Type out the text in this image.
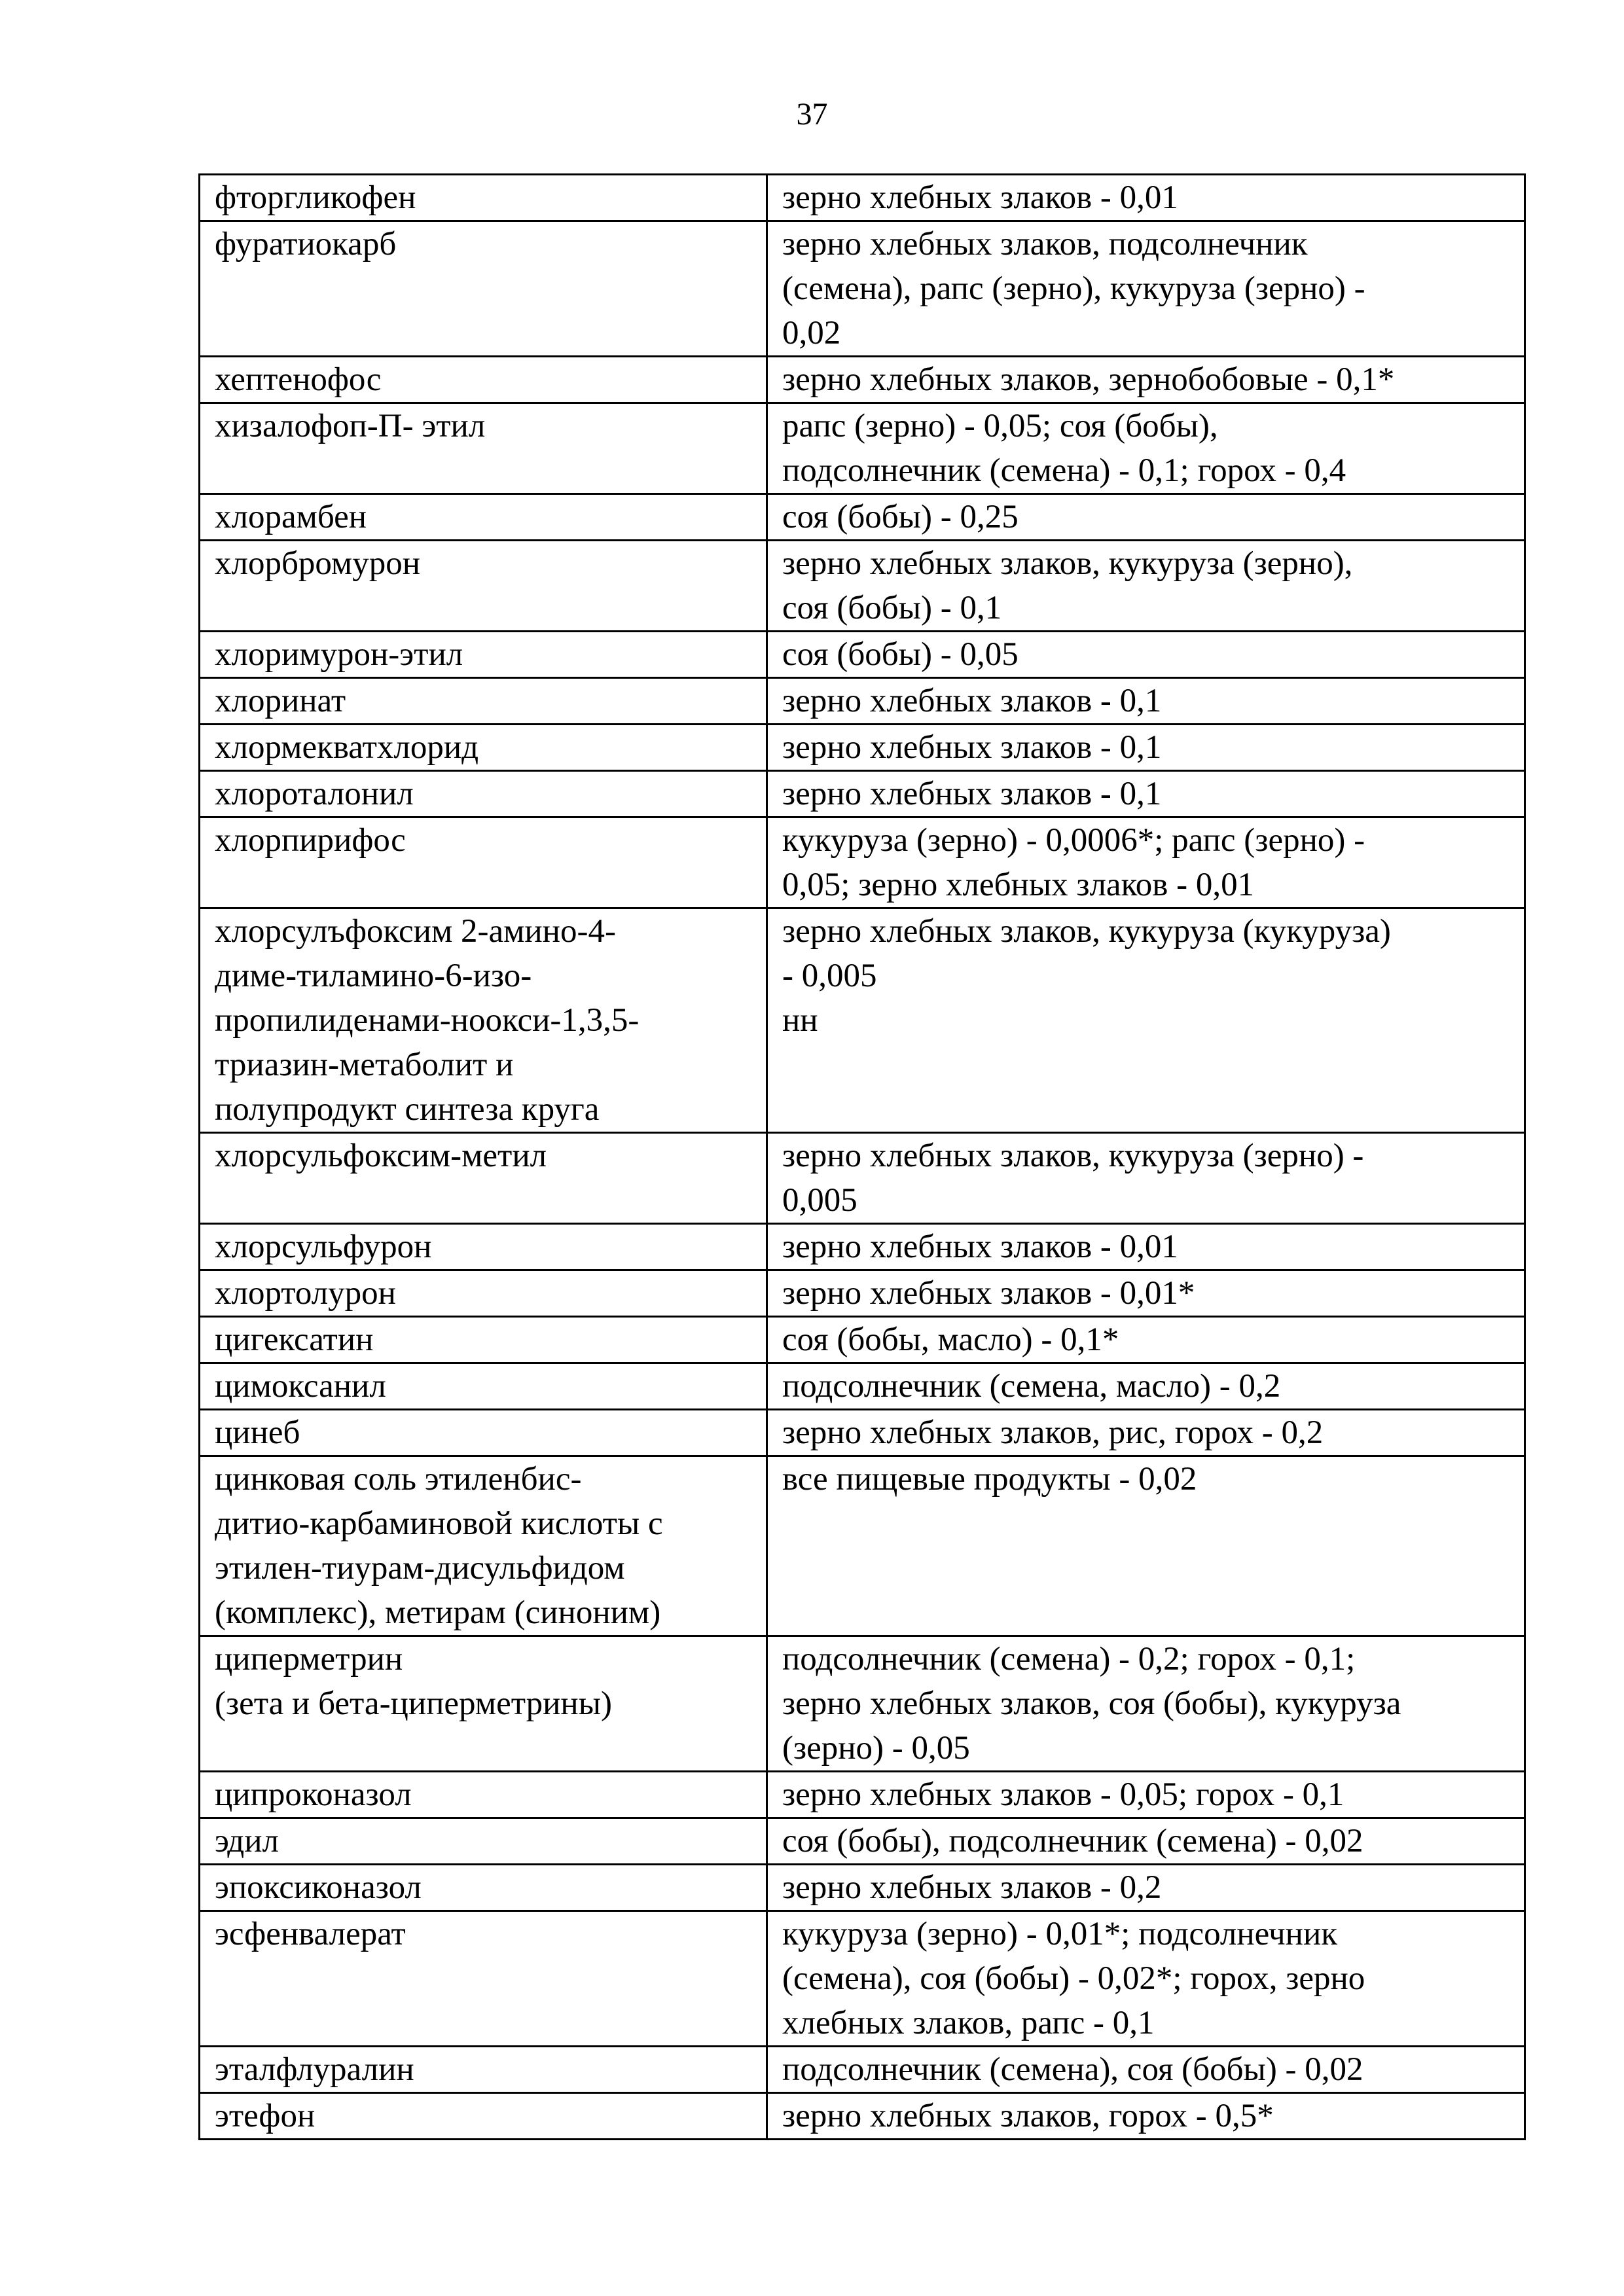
37
фторгликофен	зерно хлебных злаков - 0,01

фуратиокарб	зерно хлебных злаков, подсолнечник
(семена), рапс (зерно), кукуруза (зерно) -
0,02

хептенофос	зерно хлебных злаков, зернобобовые - 0,1*

хизалофоп-П- этил	рапс (зерно) - 0,05; соя (бобы),
подсолнечник (семена) - 0,1; горох - 0,4

хлорамбен	соя (бобы) - 0,25

хлорбромурон	зерно хлебных злаков, кукуруза (зерно),
соя (бобы) - 0,1

хлоримурон-этил	соя (бобы) - 0,05

хлоринат	зерно хлебных злаков - 0,1

хлормекватхлорид	зерно хлебных злаков - 0,1

хлороталонил	зерно хлебных злаков - 0,1

хлорпирифос	кукуруза (зерно) - 0,0006*; рапс (зерно) -
0,05; зерно хлебных злаков - 0,01

хлорсулъфоксим 2-амино-4-
диме-тиламино-6-изо-
пропилиденами-ноокси-1,3,5-
триазин-метаболит и
полупродукт синтеза круга	зерно хлебных злаков, кукуруза (кукуруза)
- 0,005
нн

хлорсульфоксим-метил	зерно хлебных злаков, кукуруза (зерно) -
0,005

хлорсульфурон	зерно хлебных злаков - 0,01

хлортолурон	зерно хлебных злаков - 0,01*

цигексатин	соя (бобы, масло) - 0,1*

цимоксанил	подсолнечник (семена, масло) - 0,2

цинеб	зерно хлебных злаков, рис, горох - 0,2

цинковая соль этиленбис-
дитио-карбаминовой кислоты с
этилен-тиурам-дисульфидом
(комплекс), метирам (синоним)	все пищевые продукты - 0,02

циперметрин
(зета и бета-циперметрины)	подсолнечник (семена) - 0,2; горох - 0,1;
зерно хлебных злаков, соя (бобы), кукуруза
(зерно) - 0,05

ципроконазол	зерно хлебных злаков - 0,05; горох - 0,1

эдил	соя (бобы), подсолнечник (семена) - 0,02

эпоксиконазол	зерно хлебных злаков - 0,2

эсфенвалерат	кукуруза (зерно) - 0,01*; подсолнечник
(семена), соя (бобы) - 0,02*; горох, зерно
хлебных злаков, рапс - 0,1

эталфлуралин	подсолнечник (семена), соя (бобы) - 0,02

этефон	зерно хлебных злаков, горох - 0,5*
